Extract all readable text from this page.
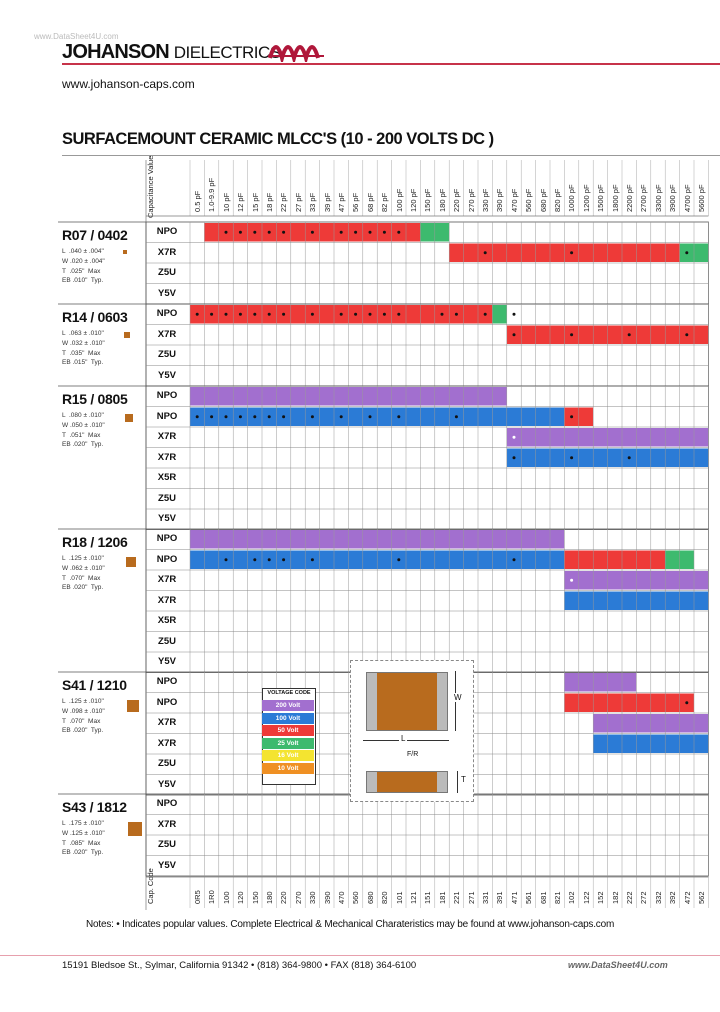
www.DataSheet4U.com
JOHANSON DIELECTRICS
www.johanson-caps.com
SURFACEMOUNT CERAMIC MLCC'S (10 - 200 VOLTS DC )
Capacitance Value
Cap. Code
0.5 pF 1.0-9.9 pF 10 pF 12 pF 15 pF 18 pF 22 pF 27 pF 33 pF 39 pF 47 pF 56 pF 68 pF 82 pF 100 pF 120 pF 150 pF 180 pF 220 pF 270 pF 330 pF 390 pF 470 pF 560 pF 680 pF 820 pF 1000 pF 1200 pF 1500 pF 1800 pF 2200 pF 2700 pF 3300 pF 3900 pF 4700 pF 5600 pF
0R5 1R0 100 120 150 180 220 270 330 390 470 560 680 820 101 121 151 181 221 271 331 391 471 561 681 821 102 122 152 182 222 272 332 392 472 562
R07 / 0402
L  .040 ± .004"
W .020 ± .004"
T  .025"  Max
EB .010"  Typ.
NPO
X7R
Z5U
Y5V
R14 / 0603
L  .063 ± .010"
W .032 ± .010"
T  .035"  Max
EB .015"  Typ.
NPO
X7R
Z5U
Y5V
R15 / 0805
L  .080 ± .010"
W .050 ± .010"
T  .051"  Max
EB .020"  Typ.
NPO
NPO
X7R
X7R
X5R
Z5U
Y5V
R18 / 1206
L  .125 ± .010"
W .062 ± .010"
T  .070"  Max
EB .020"  Typ.
NPO
NPO
X7R
X7R
X5R
Z5U
Y5V
S41 / 1210
L  .125 ± .010"
W .098 ± .010"
T  .070"  Max
EB .020"  Typ.
NPO
NPO
X7R
X7R
Z5U
Y5V
S43 / 1812
L  .175 ± .010"
W .125 ± .010"
T  .085"  Max
EB .020"  Typ.
NPO
X7R
Z5U
Y5V
VOLTAGE CODE
200 Volt
100 Volt
50 Volt
25 Volt
16 Volt
10 Volt
W
L
F/R
T
Notes: • Indicates popular values. Complete Electrical & Mechanical Charateristics may be found at www.johanson-caps.com
15191 Bledsoe St., Sylmar, California 91342 • (818) 364-9800 • FAX (818) 364-6100	www.DataSheet4U.com
